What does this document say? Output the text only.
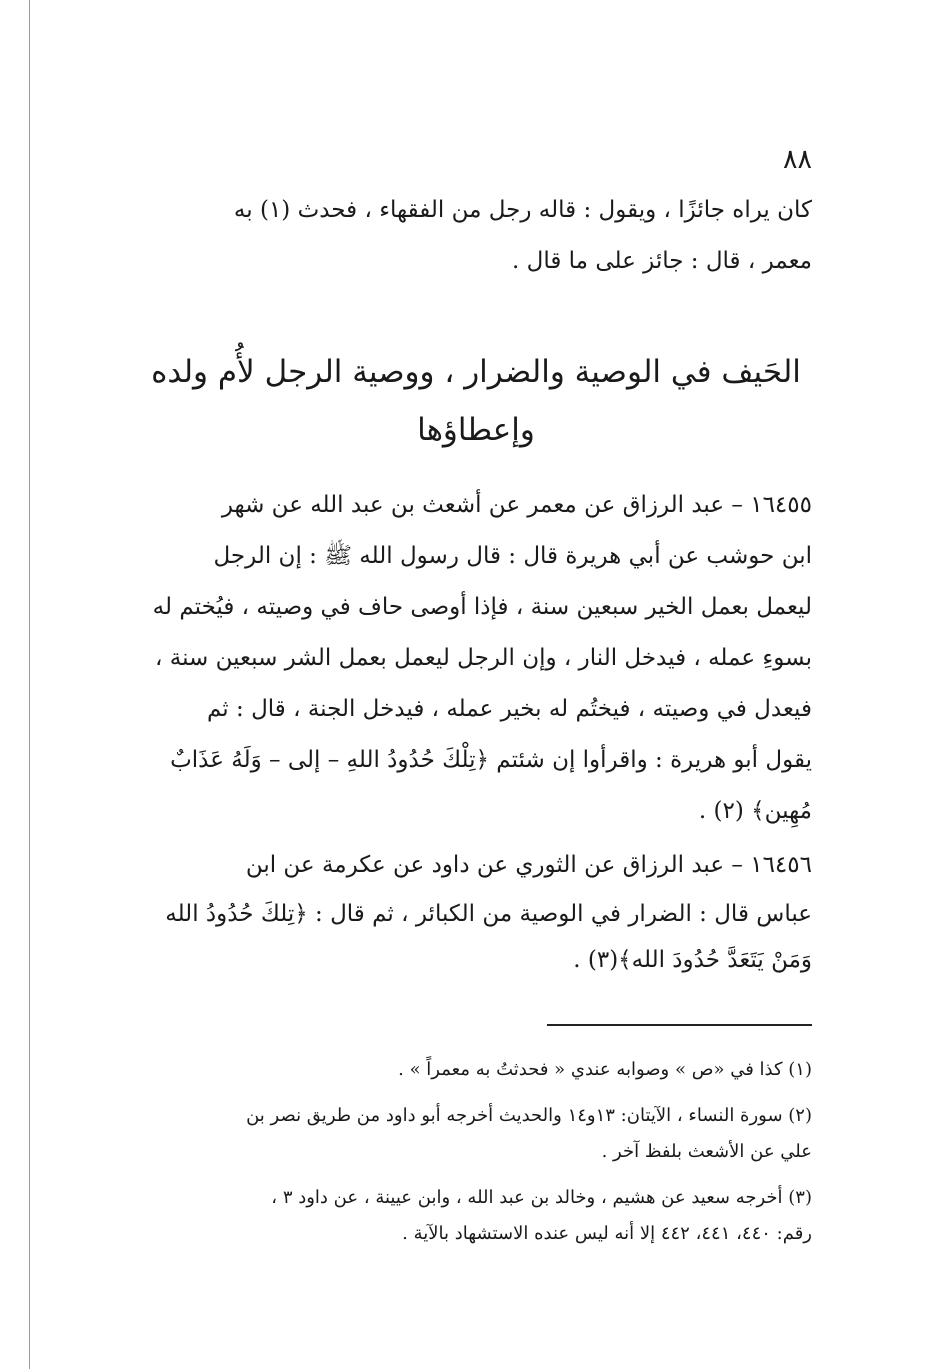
٨٨
كان يراه جائزًا ، ويقول : قاله رجل من الفقهاء ، فحدث (١) به
معمر ، قال : جائز على ما قال .
الحَيف في الوصية والضرار ، ووصية الرجل لأُم ولده
وإعطاؤها
١٦٤٥٥ – عبد الرزاق عن معمر عن أشعث بن عبد الله عن شهر
ابن حوشب عن أبي هريرة قال : قال رسول الله ﷺ : إن الرجل
ليعمل بعمل الخير سبعين سنة ، فإذا أوصى حاف في وصيته ، فيُختم له
بسوءِ عمله ، فيدخل النار ، وإن الرجل ليعمل بعمل الشر سبعين سنة ،
فيعدل في وصيته ، فيختُم له بخير عمله ، فيدخل الجنة ، قال : ثم
يقول أبو هريرة : واقرأوا إن شئتم ﴿تِلْكَ حُدُودُ اللهِ – إلى – وَلَهُ عَذَابٌ
مُهِين﴾ (٢) .
١٦٤٥٦ – عبد الرزاق عن الثوري عن داود عن عكرمة عن ابن
عباس قال : الضرار في الوصية من الكبائر ، ثم قال : ﴿تِلكَ حُدُودُ الله
وَمَنْ يَتَعَدَّ حُدُودَ الله﴾(٣) .
(١) كذا في «ص » وصوابه عندي « فحدثتُ به معمراً » .
(٢) سورة النساء ، الآيتان: ١٣و١٤ والحديث أخرجه أبو داود من طريق نصر بن
علي عن الأشعث بلفظ آخر .
(٣) أخرجه سعيد عن هشيم ، وخالد بن عبد الله ، وابن عيينة ، عن داود ٣ ،
رقم: ٤٤٠، ٤٤١، ٤٤٢ إلا أنه ليس عنده الاستشهاد بالآية .
